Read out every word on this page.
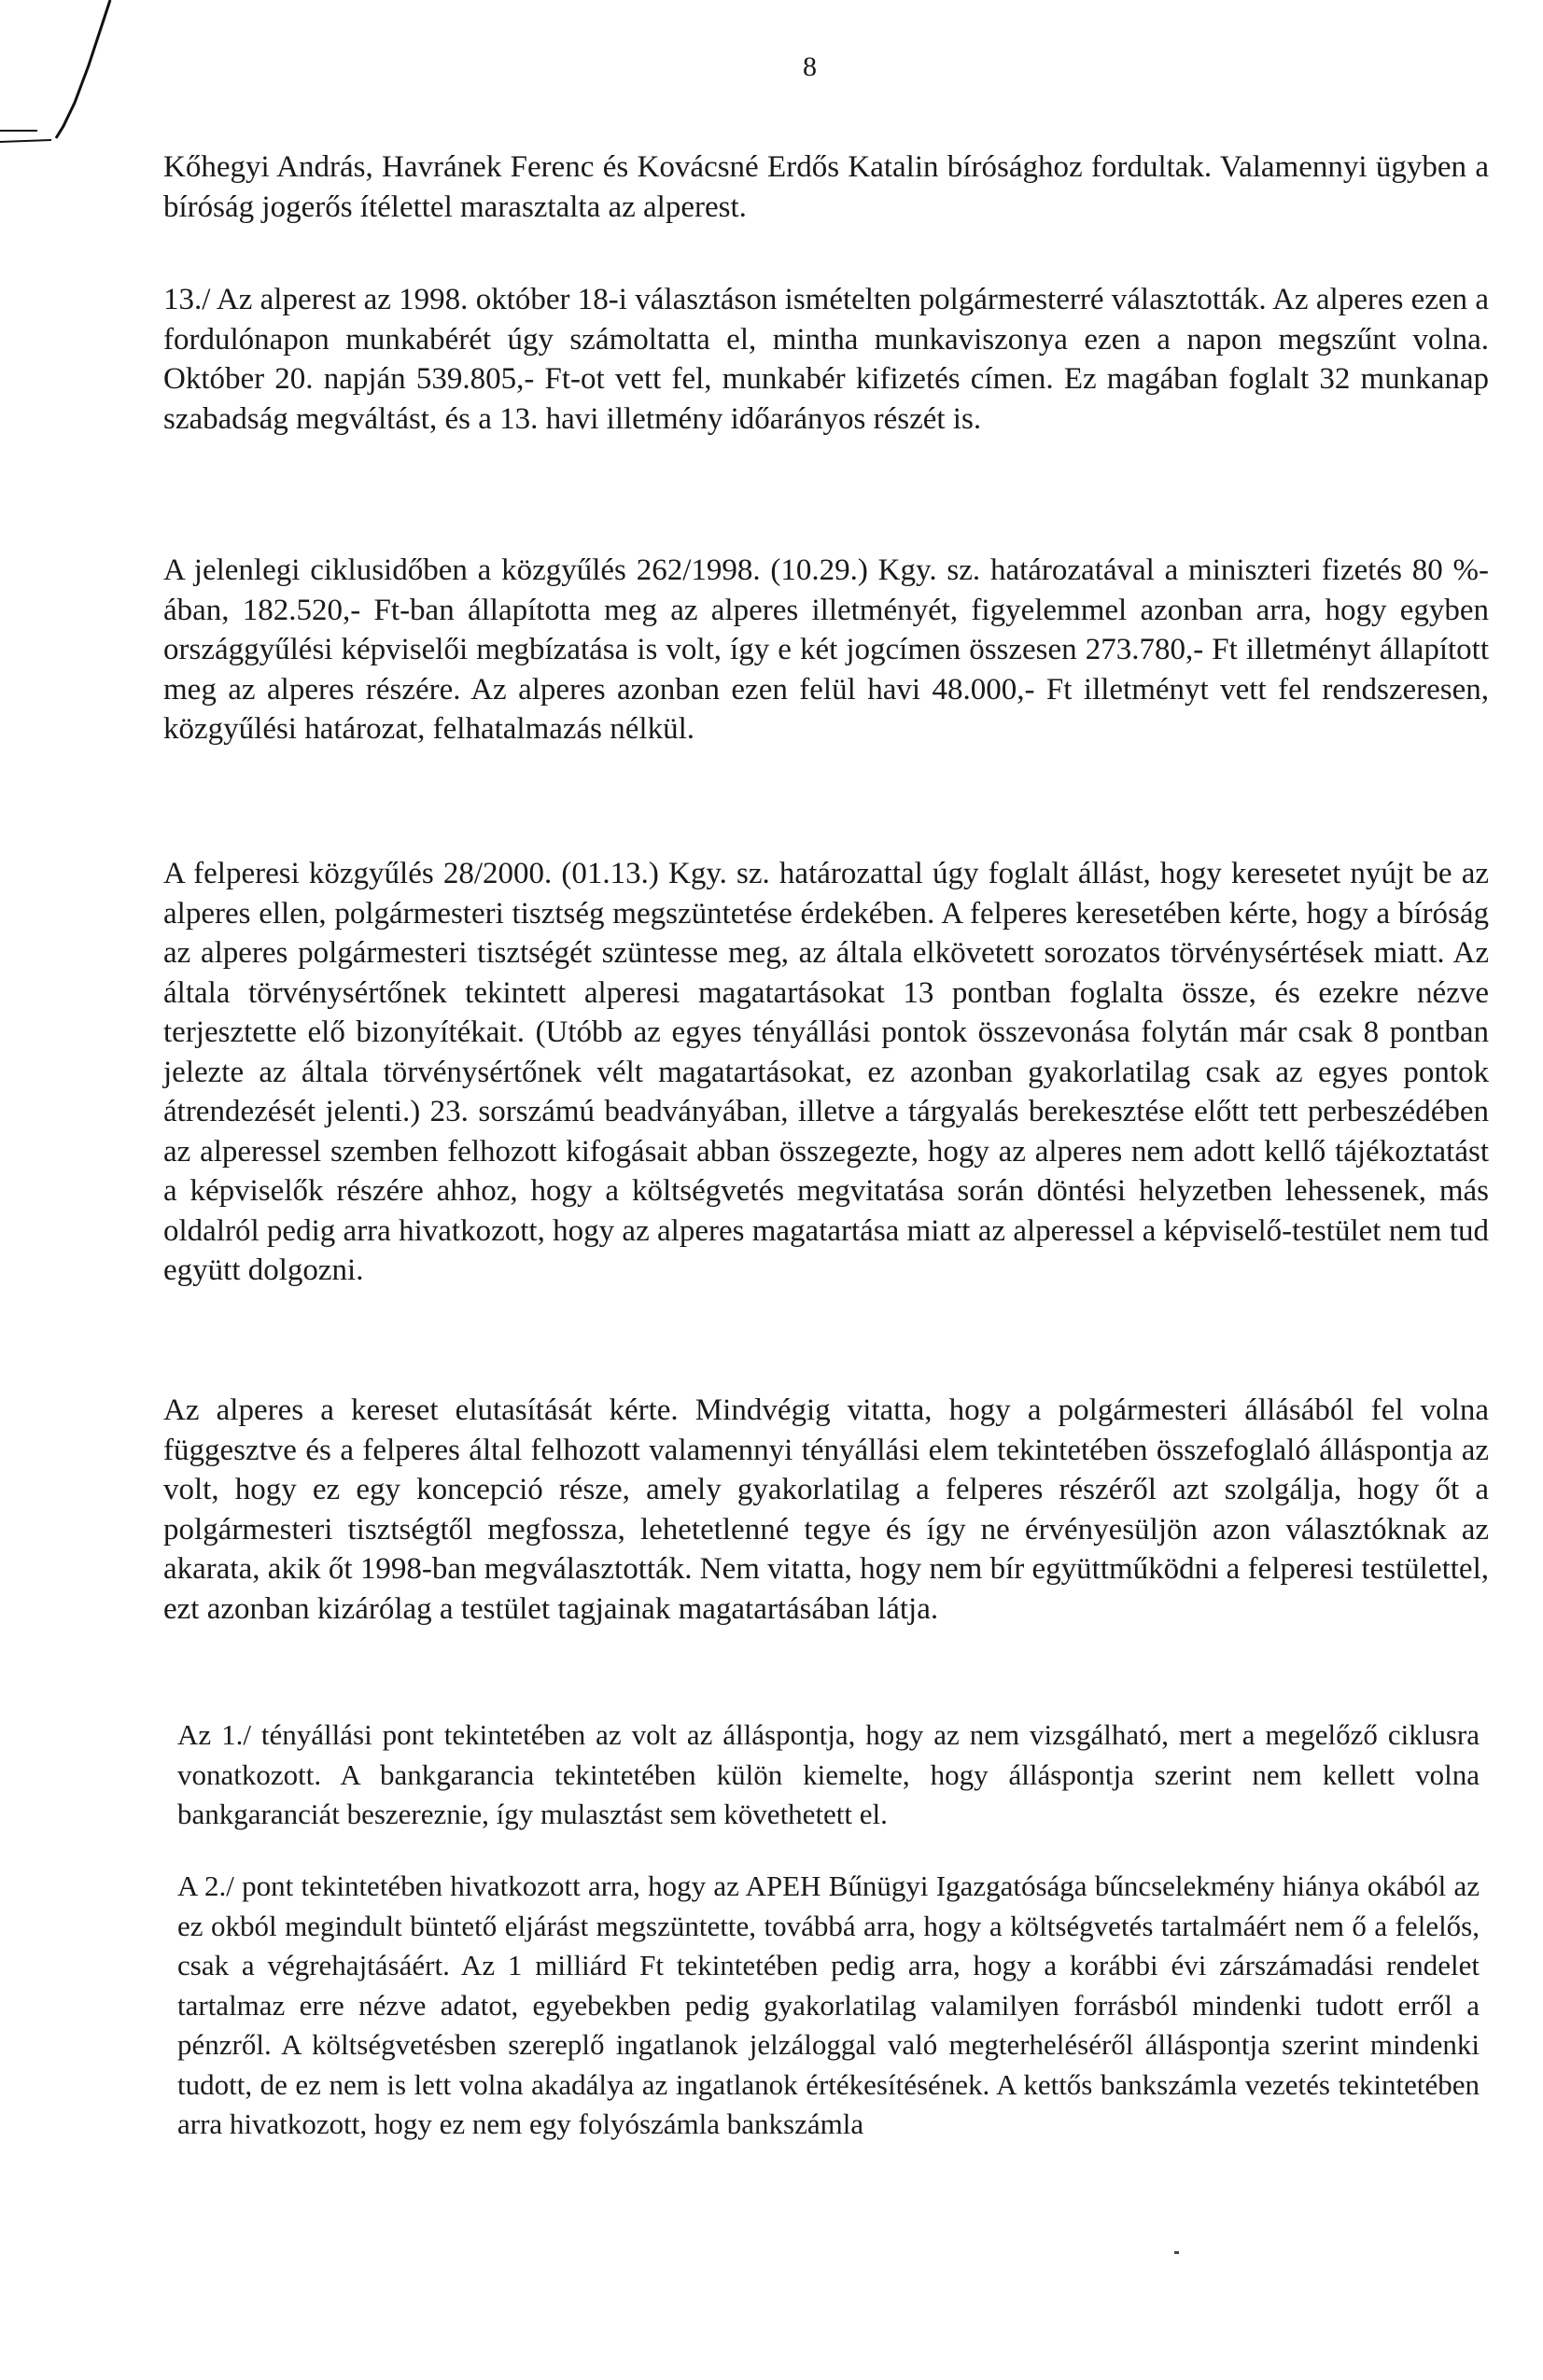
8

Kőhegyi András, Havránek Ferenc és Kovácsné Erdős Katalin bírósághoz fordultak. Valamennyi ügyben a bíróság jogerős ítélettel marasztalta az alperest.

13./ Az alperest az 1998. október 18-i választáson ismételten polgármesterré választották. Az alperes ezen a fordulónapon munkabérét úgy számoltatta el, mintha munkaviszonya ezen a napon megszűnt volna. Október 20. napján 539.805,- Ft-ot vett fel, munkabér kifizetés címen. Ez magában foglalt 32 munkanap szabadság megváltást, és a 13. havi illetmény időarányos részét is.

A jelenlegi ciklusidőben a közgyűlés 262/1998. (10.29.) Kgy. sz. határozatával a miniszteri fizetés 80 %-ában, 182.520,- Ft-ban állapította meg az alperes illetményét, figyelemmel azonban arra, hogy egyben országgyűlési képviselői megbízatása is volt, így e két jogcímen összesen 273.780,- Ft illetményt állapított meg az alperes részére. Az alperes azonban ezen felül havi 48.000,- Ft illetményt vett fel rendszeresen, közgyűlési határozat, felhatalmazás nélkül.

A felperesi közgyűlés 28/2000. (01.13.) Kgy. sz. határozattal úgy foglalt állást, hogy keresetet nyújt be az alperes ellen, polgármesteri tisztség megszüntetése érdekében. A felperes keresetében kérte, hogy a bíróság az alperes polgármesteri tisztségét szüntesse meg, az általa elkövetett sorozatos törvénysértések miatt. Az általa törvénysértőnek tekintett alperesi magatartásokat 13 pontban foglalta össze, és ezekre nézve terjesztette elő bizonyítékait. (Utóbb az egyes tényállási pontok összevonása folytán már csak 8 pontban jelezte az általa törvénysértőnek vélt magatartásokat, ez azonban gyakorlatilag csak az egyes pontok átrendezését jelenti.) 23. sorszámú beadványában, illetve a tárgyalás berekesztése előtt tett perbeszédében az alperessel szemben felhozott kifogásait abban összegezte, hogy az alperes nem adott kellő tájékoztatást a képviselők részére ahhoz, hogy a költségvetés megvitatása során döntési helyzetben lehessenek, más oldalról pedig arra hivatkozott, hogy az alperes magatartása miatt az alperessel a képviselő-testület nem tud együtt dolgozni.

Az alperes a kereset elutasítását kérte. Mindvégig vitatta, hogy a polgármesteri állásából fel volna függesztve és a felperes által felhozott valamennyi tényállási elem tekintetében összefoglaló álláspontja az volt, hogy ez egy koncepció része, amely gyakorlatilag a felperes részéről azt szolgálja, hogy őt a polgármesteri tisztségtől megfossza, lehetetlenné tegye és így ne érvényesüljön azon választóknak az akarata, akik őt 1998-ban megválasztották. Nem vitatta, hogy nem bír együttműködni a felperesi testülettel, ezt azonban kizárólag a testület tagjainak magatartásában látja.

Az 1./ tényállási pont tekintetében az volt az álláspontja, hogy az nem vizsgálható, mert a megelőző ciklusra vonatkozott. A bankgarancia tekintetében külön kiemelte, hogy álláspontja szerint nem kellett volna bankgaranciát beszereznie, így mulasztást sem követhetett el.

A 2./ pont tekintetében hivatkozott arra, hogy az APEH Bűnügyi Igazgatósága bűncselekmény hiánya okából az ez okból megindult büntető eljárást megszüntette, továbbá arra, hogy a költségvetés tartalmáért nem ő a felelős, csak a végrehajtásáért. Az 1 milliárd Ft tekintetében pedig arra, hogy a korábbi évi zárszámadási rendelet tartalmaz erre nézve adatot, egyebekben pedig gyakorlatilag valamilyen forrásból mindenki tudott erről a pénzről. A költségvetésben szereplő ingatlanok jelzáloggal való megterheléséről álláspontja szerint mindenki tudott, de ez nem is lett volna akadálya az ingatlanok értékesítésének. A kettős bankszámla vezetés tekintetében arra hivatkozott, hogy ez nem egy folyószámla bankszámla
